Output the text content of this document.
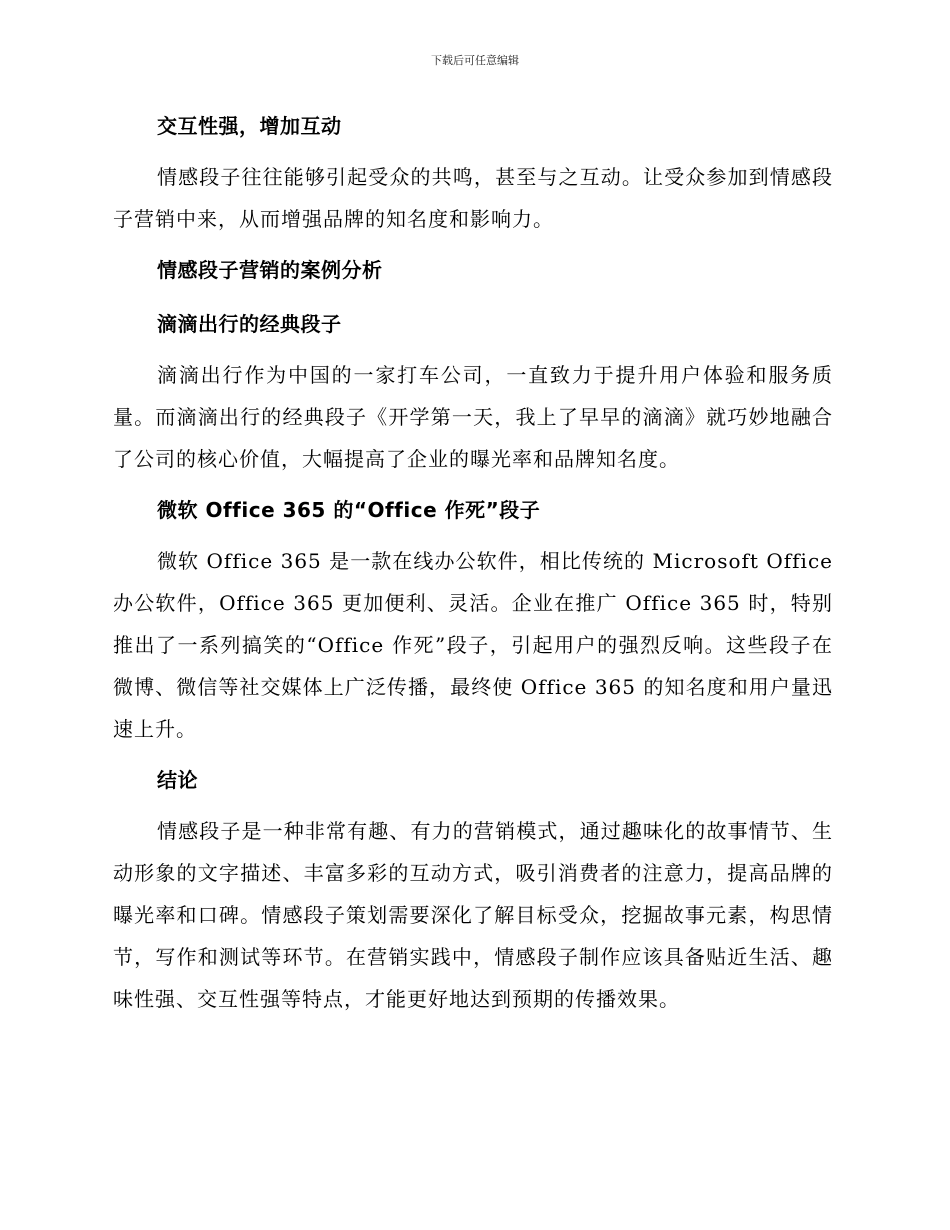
下载后可任意编辑
交互性强，增加互动

情感段子往往能够引起受众的共鸣，甚至与之互动。让受众参加到情感段子营销中来，从而增强品牌的知名度和影响力。

情感段子营销的案例分析
滴滴出行的经典段子

滴滴出行作为中国的一家打车公司，一直致力于提升用户体验和服务质量。而滴滴出行的经典段子《开学第一天，我上了早早的滴滴》就巧妙地融合了公司的核心价值，大幅提高了企业的曝光率和品牌知名度。

微软 Office 365 的“Office 作死”段子

微软 Office 365 是一款在线办公软件，相比传统的 Microsoft Office 办公软件，Office 365 更加便利、灵活。企业在推广 Office 365 时，特别推出了一系列搞笑的“Office 作死”段子，引起用户的强烈反响。这些段子在微博、微信等社交媒体上广泛传播，最终使 Office 365 的知名度和用户量迅速上升。

结论

情感段子是一种非常有趣、有力的营销模式，通过趣味化的故事情节、生动形象的文字描述、丰富多彩的互动方式，吸引消费者的注意力，提高品牌的曝光率和口碑。情感段子策划需要深化了解目标受众，挖掘故事元素，构思情节，写作和测试等环节。在营销实践中，情感段子制作应该具备贴近生活、趣味性强、交互性强等特点，才能更好地达到预期的传播效果。
